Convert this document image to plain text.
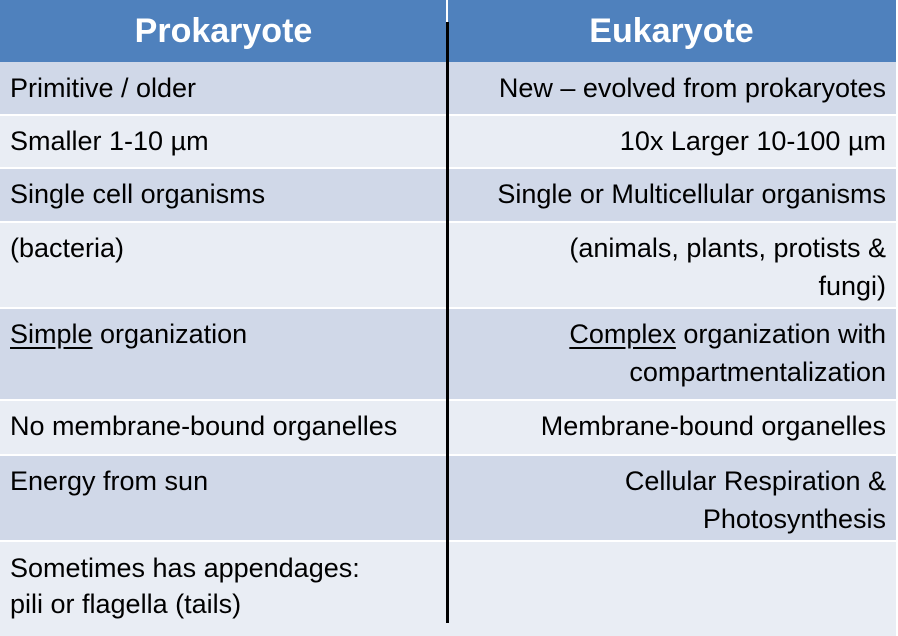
Prokaryote	Eukaryote
Primitive / older	New – evolved from prokaryotes
Smaller 1-10 µm	10x Larger 10-100 µm
Single cell organisms	Single or Multicellular organisms
(bacteria)	(animals, plants, protists &
fungi)
Simple organization	Complex organization with
compartmentalization
No membrane-bound organelles	Membrane-bound organelles
Energy from sun	Cellular Respiration &
Photosynthesis
Sometimes has appendages:
pili or flagella (tails)
